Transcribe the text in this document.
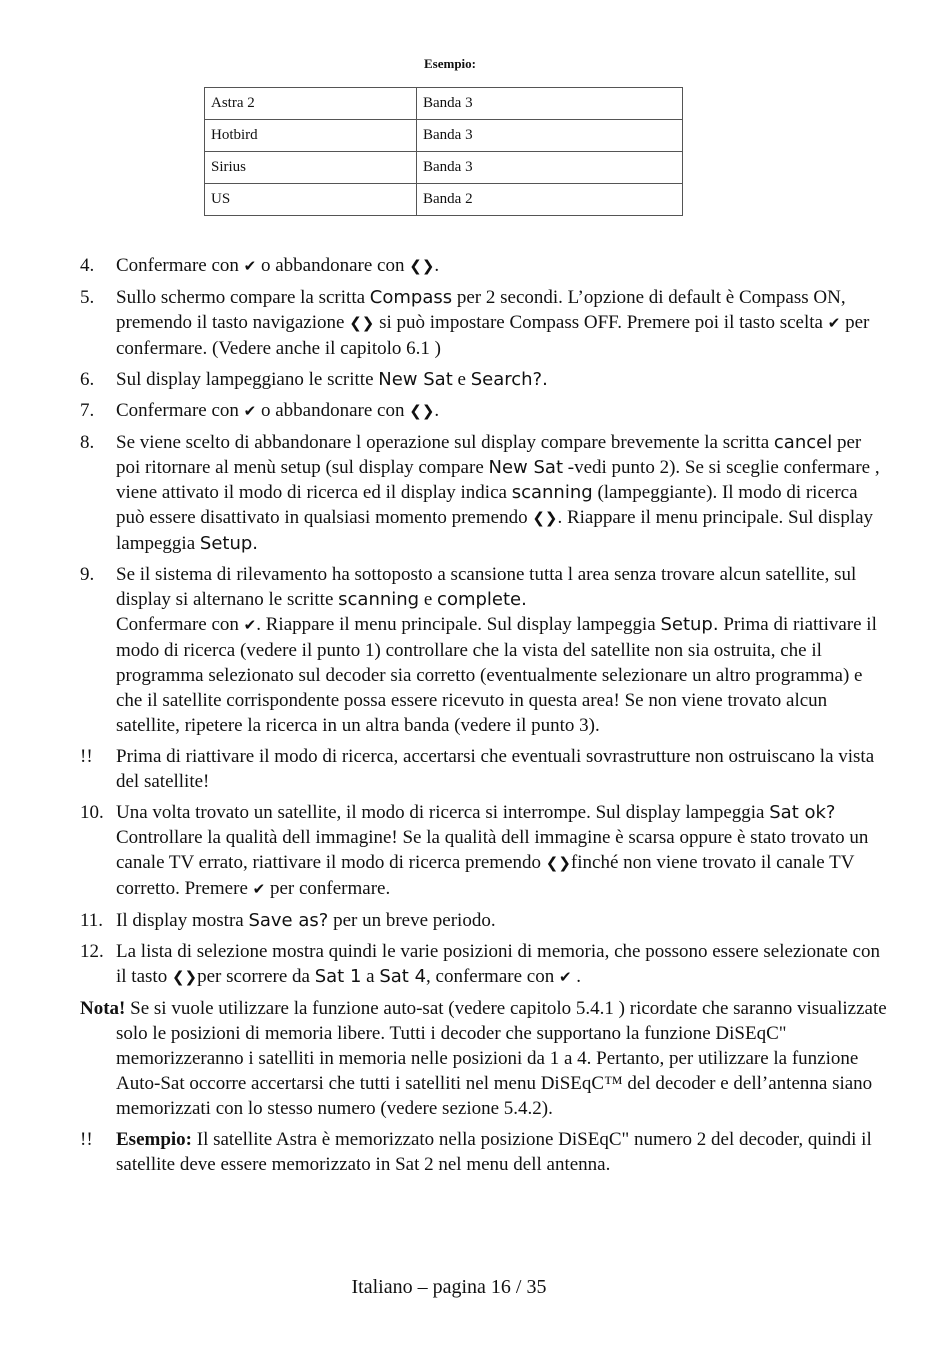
Esempio:
Astra 2	Banda 3
Hotbird	Banda 3
Sirius	Banda 3
US	Banda 2
4.	Confermare con ✔ o abbandonare con ❮❯.
5.	Sullo schermo compare la scritta Compass per 2 secondi. L’opzione di default è Compass ON, premendo il tasto navigazione ❮❯ si può impostare Compass OFF. Premere poi il tasto scelta ✔ per confermare. (Vedere anche il capitolo 6.1 )
6.	Sul display lampeggiano le scritte New Sat e Search?.
7.	Confermare con ✔ o abbandonare con ❮❯.
8.	Se viene scelto di abbandonare l operazione sul display compare brevemente la scritta cancel per poi ritornare al menù setup (sul display compare New Sat -vedi punto 2). Se si sceglie confermare , viene attivato il modo di ricerca ed il display indica scanning (lampeggiante). Il modo di ricerca può essere disattivato in qualsiasi momento premendo ❮❯. Riappare il menu principale. Sul display lampeggia Setup.
9.	Se il sistema di rilevamento ha sottoposto a scansione tutta l area senza trovare alcun satellite, sul display si alternano le scritte scanning e complete.
Confermare con ✔. Riappare il menu principale. Sul display lampeggia Setup. Prima di riattivare il modo di ricerca (vedere il punto 1) controllare che la vista del satellite non sia ostruita, che il programma selezionato sul decoder sia corretto (eventualmente selezionare un altro programma) e che il satellite corrispondente possa essere ricevuto in questa area! Se non viene trovato alcun satellite, ripetere la ricerca in un altra banda (vedere il punto 3).
!!	Prima di riattivare il modo di ricerca, accertarsi che eventuali sovrastrutture non ostruiscano la vista del satellite!
10. Una volta trovato un satellite, il modo di ricerca si interrompe. Sul display lampeggia Sat ok? Controllare la qualità dell immagine! Se la qualità dell immagine è scarsa oppure è stato trovato un canale TV errato, riattivare il modo di ricerca premendo ❮❯finché non viene trovato il canale TV corretto. Premere ✔ per confermare.
11. Il display mostra Save as? per un breve periodo.
12. La lista di selezione mostra quindi le varie posizioni di memoria, che possono essere selezionate con il tasto ❮❯per scorrere da Sat 1 a Sat 4, confermare con ✔ .
Nota! Se si vuole utilizzare la funzione auto-sat (vedere capitolo 5.4.1 ) ricordate che saranno visualizzate solo le posizioni di memoria libere. Tutti i decoder che supportano la funzione DiSEqC" memorizzeranno i satelliti in memoria nelle posizioni da 1 a 4. Pertanto, per utilizzare la funzione Auto-Sat occorre accertarsi che tutti i satelliti nel menu DiSEqC™ del decoder e dell’antenna siano memorizzati con lo stesso numero (vedere sezione 5.4.2).
!!	Esempio: Il satellite Astra è memorizzato nella posizione DiSEqC" numero 2 del decoder, quindi il satellite deve essere memorizzato in Sat 2 nel menu dell antenna.
Italiano – pagina 16 / 35
